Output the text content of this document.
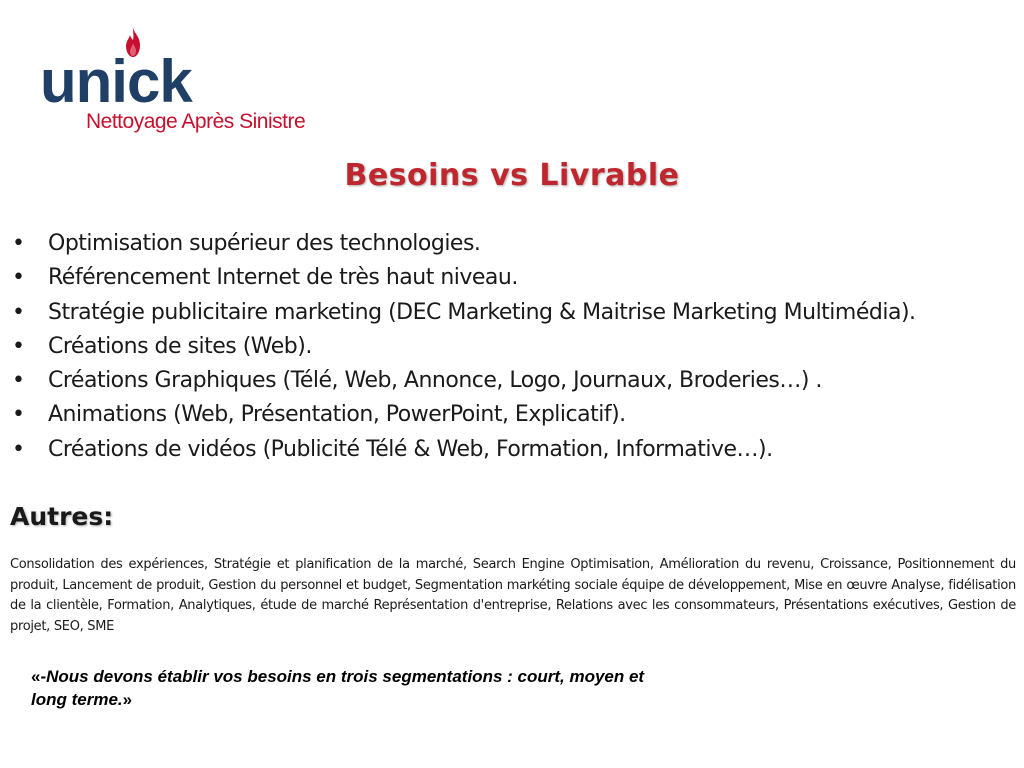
unick
Nettoyage Après Sinistre
Besoins vs Livrable
• Optimisation supérieur des technologies.
• Référencement Internet de très haut niveau.
• Stratégie publicitaire marketing (DEC Marketing & Maitrise Marketing Multimédia).
• Créations de sites (Web).
• Créations Graphiques (Télé, Web, Annonce, Logo, Journaux, Broderies…) .
• Animations (Web, Présentation, PowerPoint, Explicatif).
• Créations de vidéos (Publicité Télé & Web, Formation, Informative…).
Autres:
Consolidation des expériences, Stratégie et planification de la marché, Search Engine Optimisation, Amélioration du revenu, Croissance, Positionnement du produit, Lancement de produit, Gestion du personnel et budget, Segmentation markéting sociale équipe de développement, Mise en œuvre Analyse, fidélisation de la clientèle, Formation, Analytiques, étude de marché Représentation d'entreprise, Relations avec les consommateurs, Présentations exécutives, Gestion de projet, SEO, SME
«-Nous devons établir vos besoins en trois segmentations : court, moyen et long terme.»
